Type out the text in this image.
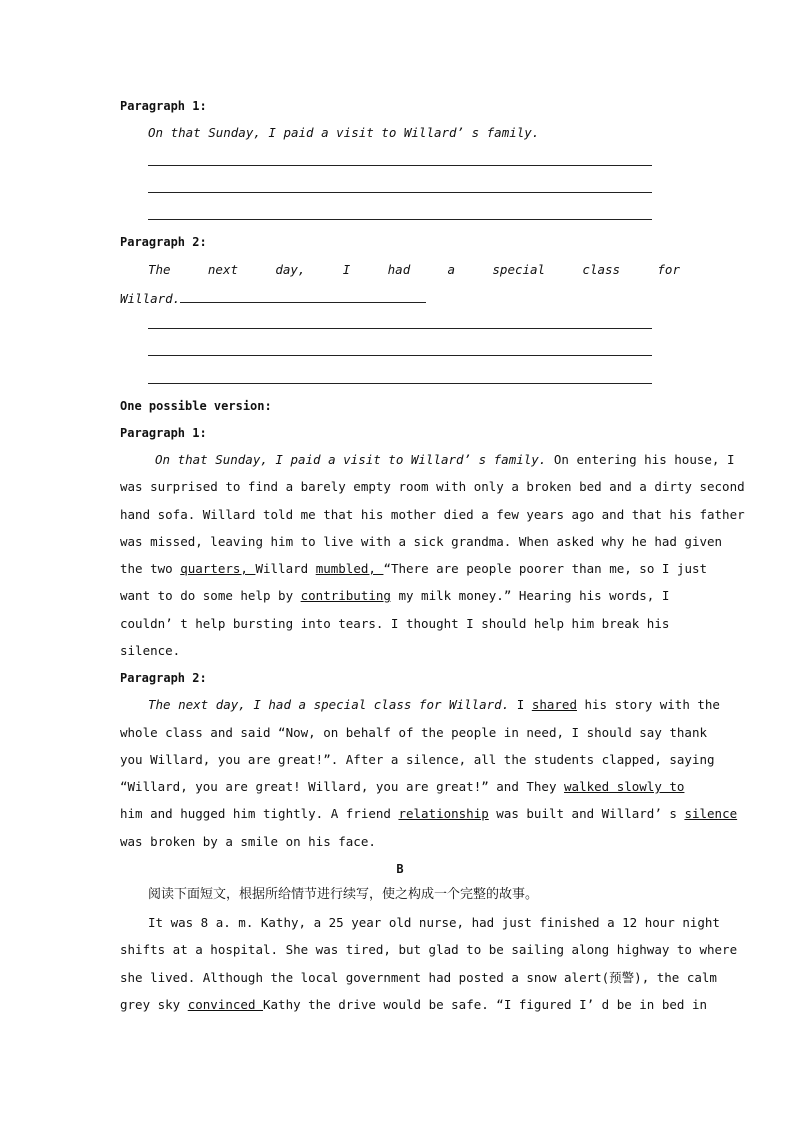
Paragraph 1:
On that Sunday, I paid a visit to Willard’ s family.
Paragraph 2:
The	next	day,	I	had	a	special	class	for
Willard.
One possible version:
Paragraph 1:
On that Sunday, I paid a visit to Willard’ s family. On entering his house, I
was surprised to find a barely empty room with only a broken bed and a dirty second
hand sofa. Willard told me that his mother died a few years ago and that his father
was missed, leaving him to live with a sick grandma. When asked why he had given
the two quarters, Willard mumbled, “There are people poorer than me, so I just
want to do some help by contributing my milk money.” Hearing his words, I
couldn’ t help bursting into tears. I thought I should help him break his
silence.
Paragraph 2:
The next day, I had a special class for Willard. I shared his story with the
whole class and said “Now, on behalf of the people in need, I should say thank
you Willard, you are great!”. After a silence, all the students clapped, saying
“Willard, you are great! Willard, you are great!” and They walked slowly to
him and hugged him tightly. A friend relationship was built and Willard’ s silence
was broken by a smile on his face.
B
阅读下面短文，根据所给情节进行续写，使之构成一个完整的故事。
It was 8 a. m. Kathy, a 25 year old nurse, had just finished a 12 hour night
shifts at a hospital. She was tired, but glad to be sailing along highway to where
she lived. Although the local government had posted a snow alert(预警), the calm
grey sky convinced Kathy the drive would be safe. “I figured I’ d be in bed in
